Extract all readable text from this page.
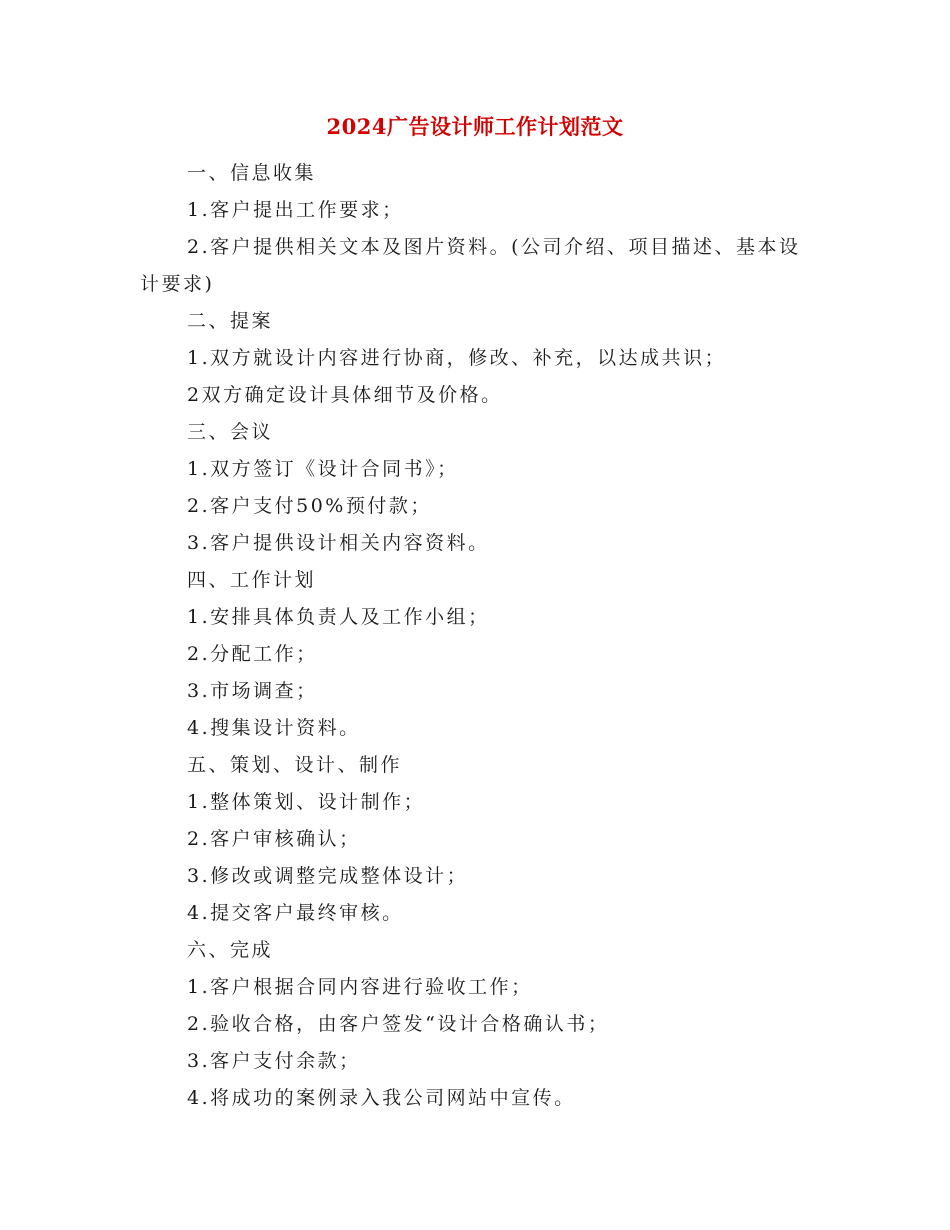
2024广告设计师工作计划范文

一、信息收集

1.客户提出工作要求；

2.客户提供相关文本及图片资料。(公司介绍、项目描述、基本设计要求)

二、提案

1.双方就设计内容进行协商，修改、补充，以达成共识；

2双方确定设计具体细节及价格。

三、会议

1.双方签订《设计合同书》；

2.客户支付50%预付款；

3.客户提供设计相关内容资料。

四、工作计划

1.安排具体负责人及工作小组；

2.分配工作；

3.市场调查；

4.搜集设计资料。

五、策划、设计、制作

1.整体策划、设计制作；

2.客户审核确认；

3.修改或调整完成整体设计；

4.提交客户最终审核。

六、完成

1.客户根据合同内容进行验收工作；

2.验收合格，由客户签发“设计合格确认书；

3.客户支付余款；

4.将成功的案例录入我公司网站中宣传。
